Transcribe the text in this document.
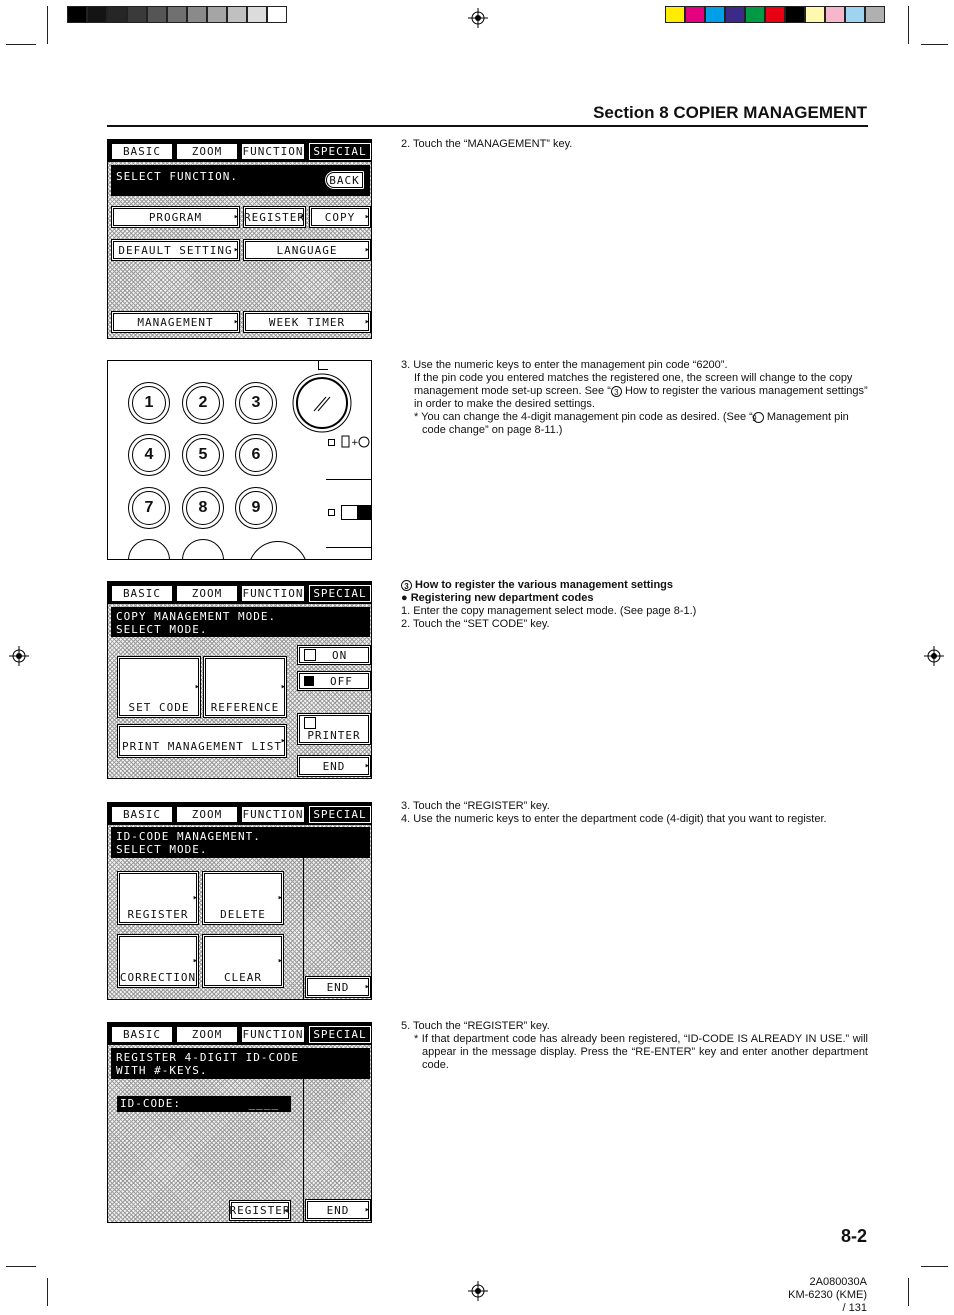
Section 8 COPIER MANAGEMENT
BASIC	ZOOM	FUNCTION SPECIAL
SELECT FUNCTION.	BACK
PROGRAM ▸	REGISTER ▸	COPY ▸
DEFAULT SETTING ▸	LANGUAGE ▸
MANAGEMENT ▸	WEEK TIMER ▸
1	2	3
4	5	6
7	8	9
+
BASIC	ZOOM	FUNCTION SPECIAL
COPY MANAGEMENT MODE.
SELECT MODE.
ON
OFF
SET CODE ▸	REFERENCE ▸
PRINTER
PRINT MANAGEMENT LIST ▸
END ▸
BASIC	ZOOM	FUNCTION SPECIAL
ID-CODE MANAGEMENT.
SELECT MODE.
REGISTER ▸	DELETE ▸
CORRECTION ▸	CLEAR ▸
END ▸
BASIC	ZOOM	FUNCTION SPECIAL
REGISTER 4-DIGIT ID-CODE
WITH #-KEYS.
ID-CODE:	____
REGISTER ▸	END ▸

2. Touch the “MANAGEMENT” key.

3. Use the numeric keys to enter the management pin code “6200”.

If the pin code you entered matches the registered one, the screen will change to the copy management mode set-up screen. See “ 3 How to register the various management settings” in order to make the desired settings.

* You can change the 4-digit management pin code as desired. (See “9 Management pin code change” on page 8-11.)

3 How to register the various management settings

● Registering new department codes

1. Enter the copy management select mode. (See page 8-1.)

2. Touch the “SET CODE” key.

3. Touch the “REGISTER” key.

4. Use the numeric keys to enter the department code (4-digit) that you want to register.

5. Touch the “REGISTER” key.

* If that department code has already been registered, “ID-CODE IS ALREADY IN USE.” will appear in the message display. Press the “RE-ENTER” key and enter another department code.

8-2
2A080030A
KM-6230 (KME)
/ 131
